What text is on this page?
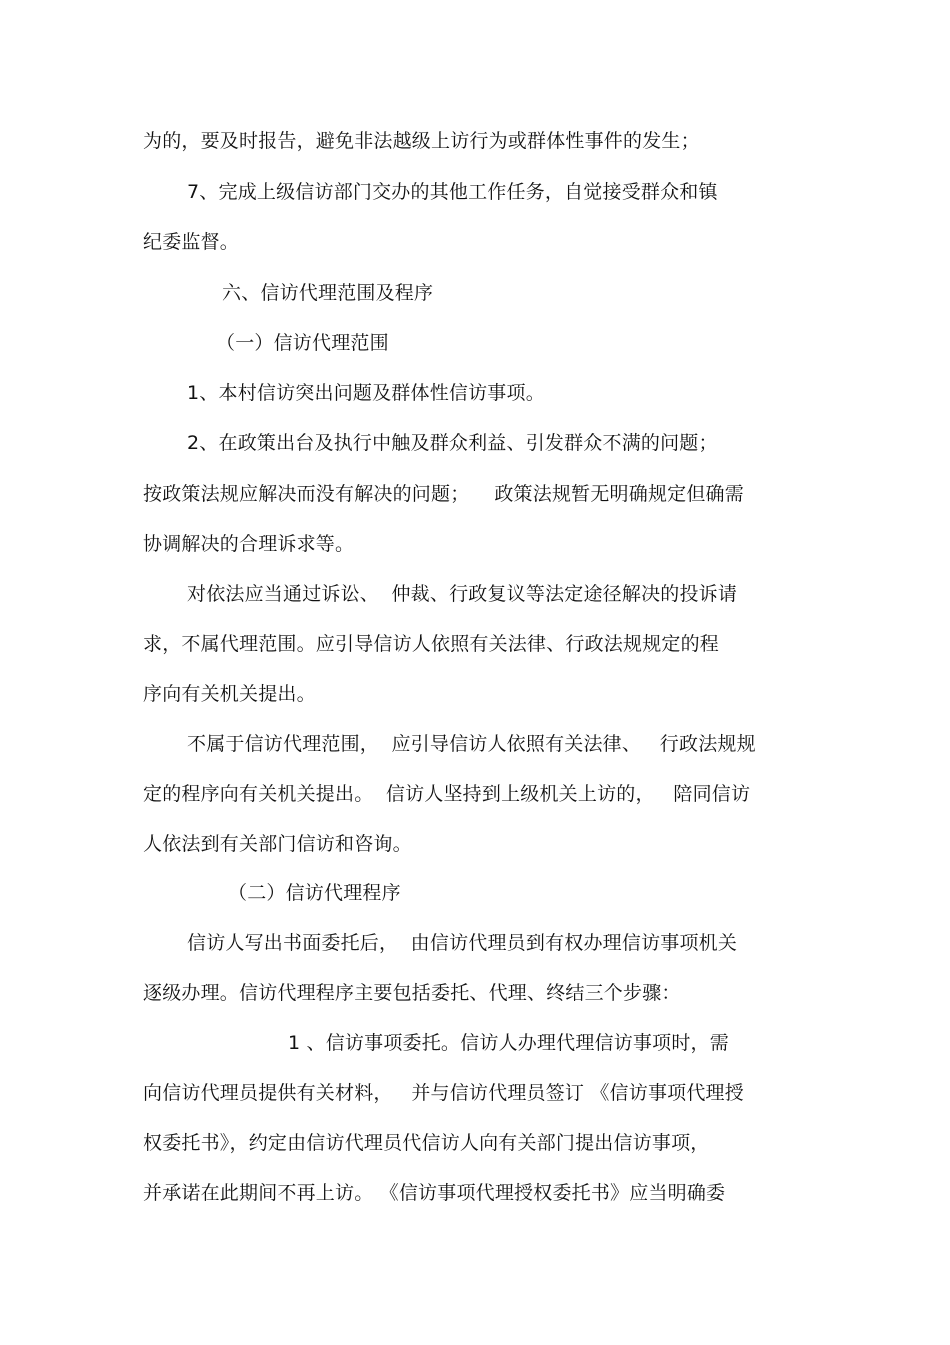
为的，要及时报告，避免非法越级上访行为或群体性事件的发生；

7、完成上级信访部门交办的其他工作任务，自觉接受群众和镇

纪委监督。

六、信访代理范围及程序

（一）信访代理范围

1、本村信访突出问题及群体性信访事项。

2、在政策出台及执行中触及群众利益、引发群众不满的问题；

按政策法规应解决而没有解决的问题；    政策法规暂无明确规定但确需

协调解决的合理诉求等。

对依法应当通过诉讼、  仲裁、行政复议等法定途径解决的投诉请

求，不属代理范围。应引导信访人依照有关法律、行政法规规定的程

序向有关机关提出。

不属于信访代理范围，  应引导信访人依照有关法律、   行政法规规

定的程序向有关机关提出。  信访人坚持到上级机关上访的，   陪同信访

人依法到有关部门信访和咨询。

（二）信访代理程序

信访人写出书面委托后，  由信访代理员到有权办理信访事项机关

逐级办理。信访代理程序主要包括委托、代理、终结三个步骤：

1 、信访事项委托。信访人办理代理信访事项时，需

向信访代理员提供有关材料，   并与信访代理员签订 《信访事项代理授

权委托书》，约定由信访代理员代信访人向有关部门提出信访事项，

并承诺在此期间不再上访。 《信访事项代理授权委托书》应当明确委
